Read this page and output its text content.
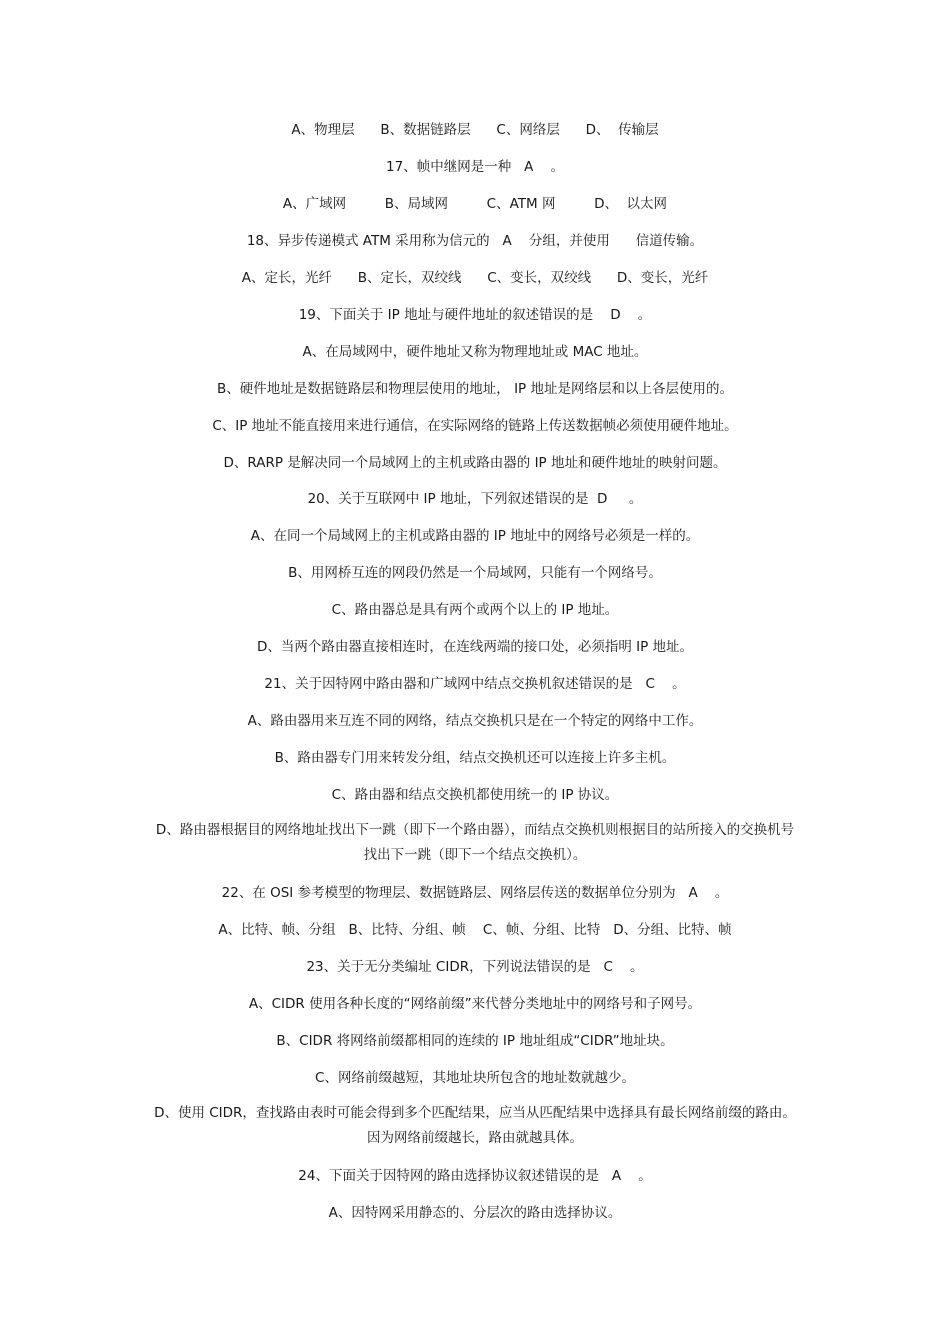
A、物理层      B、数据链路层      C、网络层      D、  传输层
17、帧中继网是一种   A    。
A、广域网         B、局域网         C、ATM 网         D、  以太网
18、异步传递模式 ATM 采用称为信元的   A    分组，并使用      信道传输。
A、定长，光纤      B、定长，双绞线      C、变长，双绞线      D、变长，光纤
19、下面关于 IP 地址与硬件地址的叙述错误的是    D    。
A、在局域网中，硬件地址又称为物理地址或 MAC 地址。
B、硬件地址是数据链路层和物理层使用的地址， IP 地址是网络层和以上各层使用的。
C、IP 地址不能直接用来进行通信，在实际网络的链路上传送数据帧必须使用硬件地址。
D、RARP 是解决同一个局域网上的主机或路由器的 IP 地址和硬件地址的映射问题。
20、关于互联网中 IP 地址，下列叙述错误的是  D     。
A、在同一个局域网上的主机或路由器的 IP 地址中的网络号必须是一样的。
B、用网桥互连的网段仍然是一个局域网，只能有一个网络号。
C、路由器总是具有两个或两个以上的 IP 地址。
D、当两个路由器直接相连时，在连线两端的接口处，必须指明 IP 地址。
21、关于因特网中路由器和广域网中结点交换机叙述错误的是   C    。
A、路由器用来互连不同的网络，结点交换机只是在一个特定的网络中工作。
B、路由器专门用来转发分组，结点交换机还可以连接上许多主机。
C、路由器和结点交换机都使用统一的 IP 协议。
D、路由器根据目的网络地址找出下一跳（即下一个路由器），而结点交换机则根据目的站所接入的交换机号找出下一跳（即下一个结点交换机）。
22、在 OSI 参考模型的物理层、数据链路层、网络层传送的数据单位分别为   A    。
A、比特、帧、分组   B、比特、分组、帧    C、帧、分组、比特   D、分组、比特、帧
23、关于无分类编址 CIDR，下列说法错误的是   C    。
A、CIDR 使用各种长度的“网络前缀”来代替分类地址中的网络号和子网号。
B、CIDR 将网络前缀都相同的连续的 IP 地址组成“CIDR”地址块。
C、网络前缀越短，其地址块所包含的地址数就越少。
D、使用 CIDR，查找路由表时可能会得到多个匹配结果，应当从匹配结果中选择具有最长网络前缀的路由。因为网络前缀越长，路由就越具体。
24、下面关于因特网的路由选择协议叙述错误的是   A    。
A、因特网采用静态的、分层次的路由选择协议。
